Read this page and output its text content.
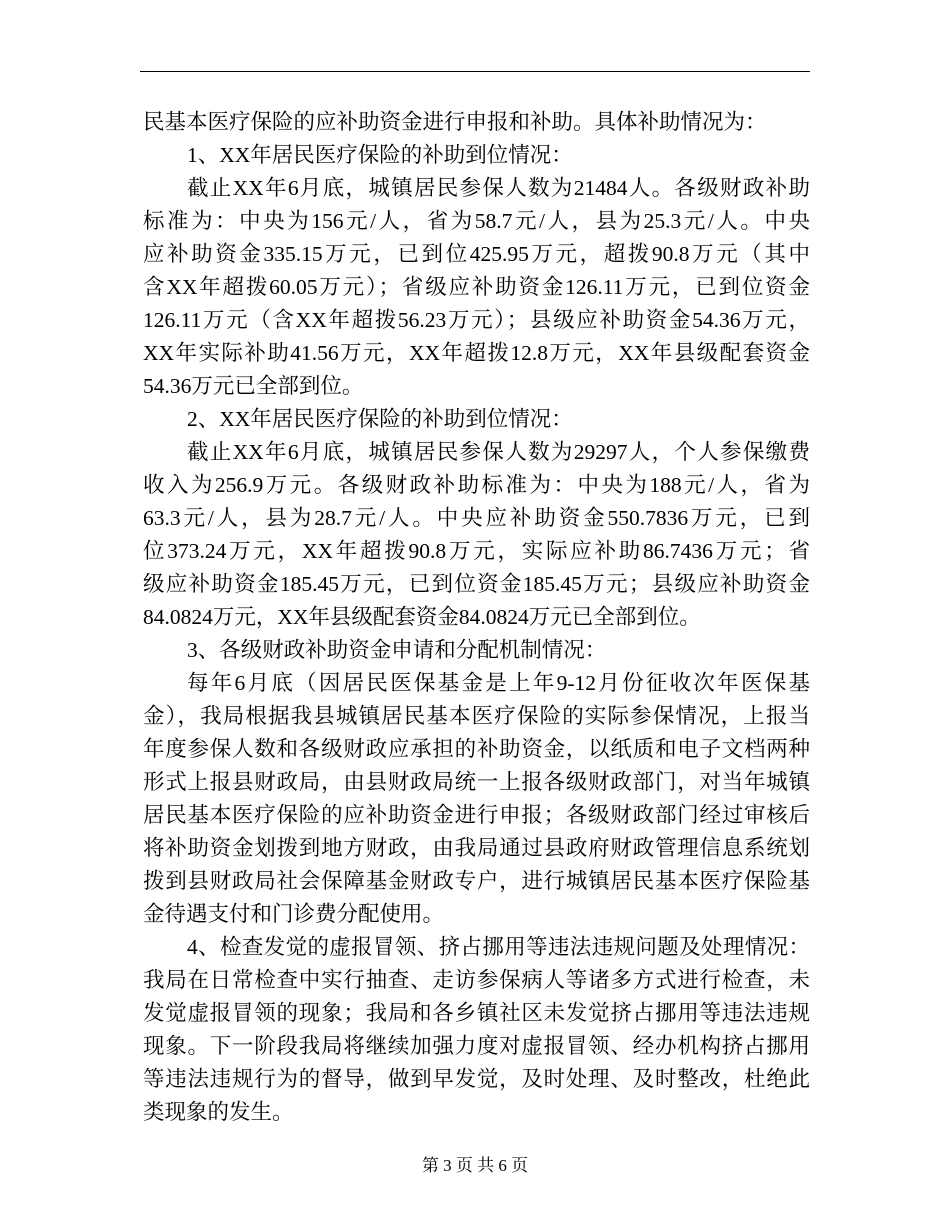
民基本医疗保险的应补助资金进行申报和补助。具体补助情况为：
1、XX年居民医疗保险的补助到位情况：
截止XX年6月底，城镇居民参保人数为21484人。各级财政补助
标准为：中央为156元/人，省为58.7元/人，县为25.3元/人。中央
应补助资金335.15万元，已到位425.95万元，超拨90.8万元（其中
含XX年超拨60.05万元）；省级应补助资金126.11万元，已到位资金
126.11万元（含XX年超拨56.23万元）；县级应补助资金54.36万元，
XX年实际补助41.56万元，XX年超拨12.8万元，XX年县级配套资金
54.36万元已全部到位。
2、XX年居民医疗保险的补助到位情况：
截止XX年6月底，城镇居民参保人数为29297人，个人参保缴费
收入为256.9万元。各级财政补助标准为：中央为188元/人，省为
63.3元/人，县为28.7元/人。中央应补助资金550.7836万元，已到
位373.24万元，XX年超拨90.8万元，实际应补助86.7436万元；省
级应补助资金185.45万元，已到位资金185.45万元；县级应补助资金
84.0824万元，XX年县级配套资金84.0824万元已全部到位。
3、各级财政补助资金申请和分配机制情况：
每年6月底（因居民医保基金是上年9-12月份征收次年医保基
金），我局根据我县城镇居民基本医疗保险的实际参保情况，上报当
年度参保人数和各级财政应承担的补助资金，以纸质和电子文档两种
形式上报县财政局，由县财政局统一上报各级财政部门，对当年城镇
居民基本医疗保险的应补助资金进行申报；各级财政部门经过审核后
将补助资金划拨到地方财政，由我局通过县政府财政管理信息系统划
拨到县财政局社会保障基金财政专户，进行城镇居民基本医疗保险基
金待遇支付和门诊费分配使用。
4、检查发觉的虚报冒领、挤占挪用等违法违规问题及处理情况：
我局在日常检查中实行抽查、走访参保病人等诸多方式进行检查，未
发觉虚报冒领的现象；我局和各乡镇社区未发觉挤占挪用等违法违规
现象。下一阶段我局将继续加强力度对虚报冒领、经办机构挤占挪用
等违法违规行为的督导，做到早发觉，及时处理、及时整改，杜绝此
类现象的发生。
第 3 页 共 6 页
